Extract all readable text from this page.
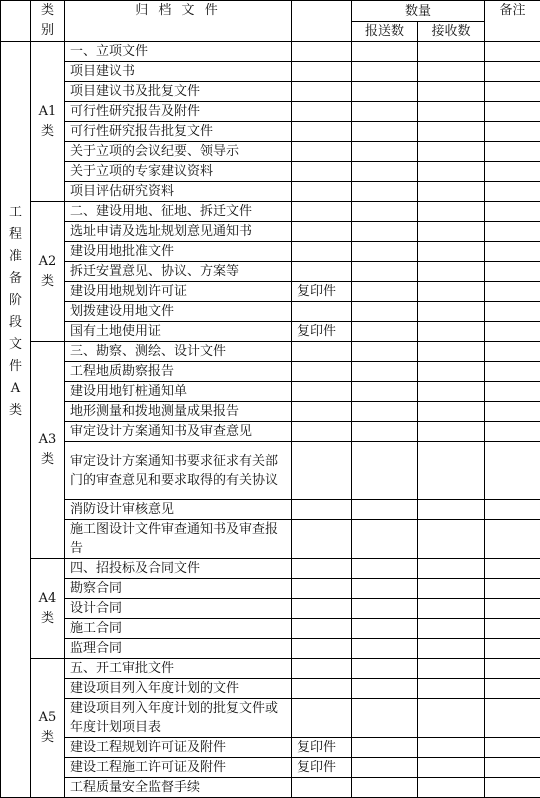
	类别	归 档 文 件		数量		备注
				报送数	接收数	
工程准备阶段文件 A类	A1类	一、立项文件				
		项目建议书				
		项目建议书及批复文件				
		可行性研究报告及附件				
		可行性研究报告批复文件				
		关于立项的会议纪要、领导示				
		关于立项的专家建议资料				
		项目评估研究资料				

	A2类	二、建设用地、征地、拆迁文件				
		选址申请及选址规划意见通知书				
		建设用地批准文件				
		拆迁安置意见、协议、方案等				
		建设用地规划许可证	复印件			
		划拨建设用地文件				
		国有土地使用证	复印件			

	A3类	三、勘察、测绘、设计文件				
		工程地质勘察报告				
		建设用地钉桩通知单				
		地形测量和拨地测量成果报告				
		审定设计方案通知书及审查意见				
		审定设计方案通知书要求征求有关部门的审查意见和要求取得的有关协议				
		消防设计审核意见				
		施工图设计文件审查通知书及审查报告				

	A4类	四、招投标及合同文件				
		勘察合同				
		设计合同				
		施工合同				
		监理合同				

	A5类	五、开工审批文件				
		建设项目列入年度计划的文件				
		建设项目列入年度计划的批复文件或年度计划项目表				
		建设工程规划许可证及附件	复印件			
		建设工程施工许可证及附件	复印件			
		工程质量安全监督手续				
